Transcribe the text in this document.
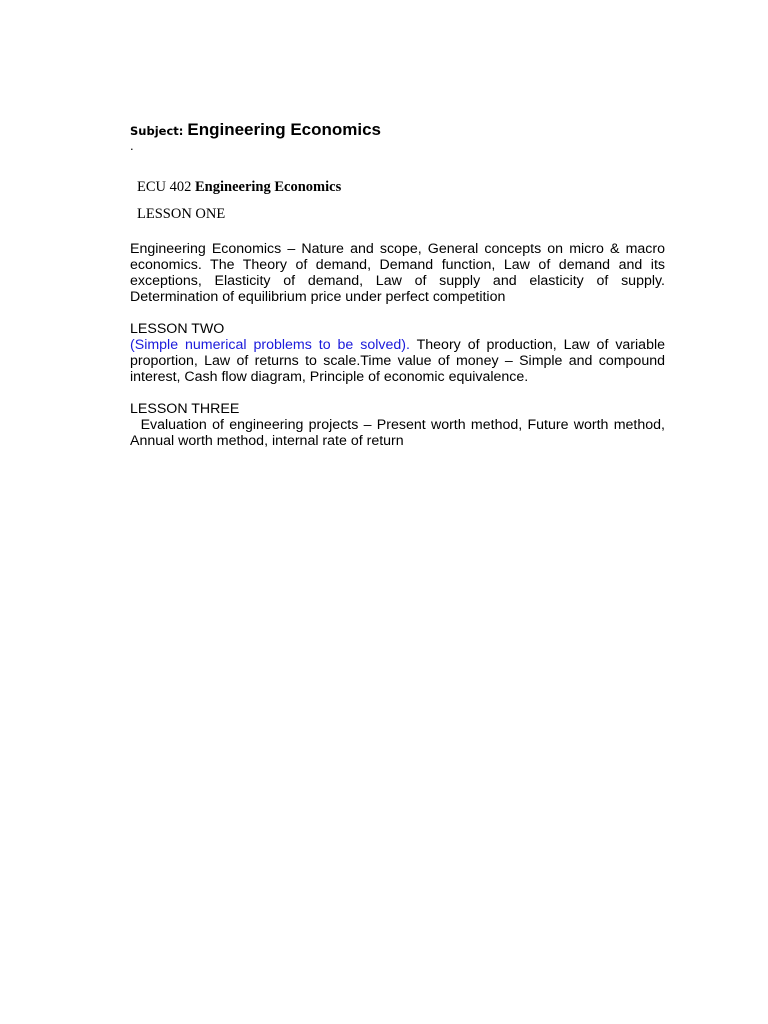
Subject: Engineering Economics

.

ECU 402 Engineering Economics

LESSON ONE

Engineering Economics – Nature and scope, General concepts on micro & macro economics. The Theory of demand, Demand function, Law of demand and its exceptions, Elasticity of demand, Law of supply and elasticity of supply. Determination of equilibrium price under perfect competition

LESSON TWO

(Simple numerical problems to be solved). Theory of production, Law of variable proportion, Law of returns to scale.Time value of money – Simple and compound interest, Cash flow diagram, Principle of economic equivalence.

LESSON THREE

Evaluation of engineering projects – Present worth method, Future worth method, Annual worth method, internal rate of return
